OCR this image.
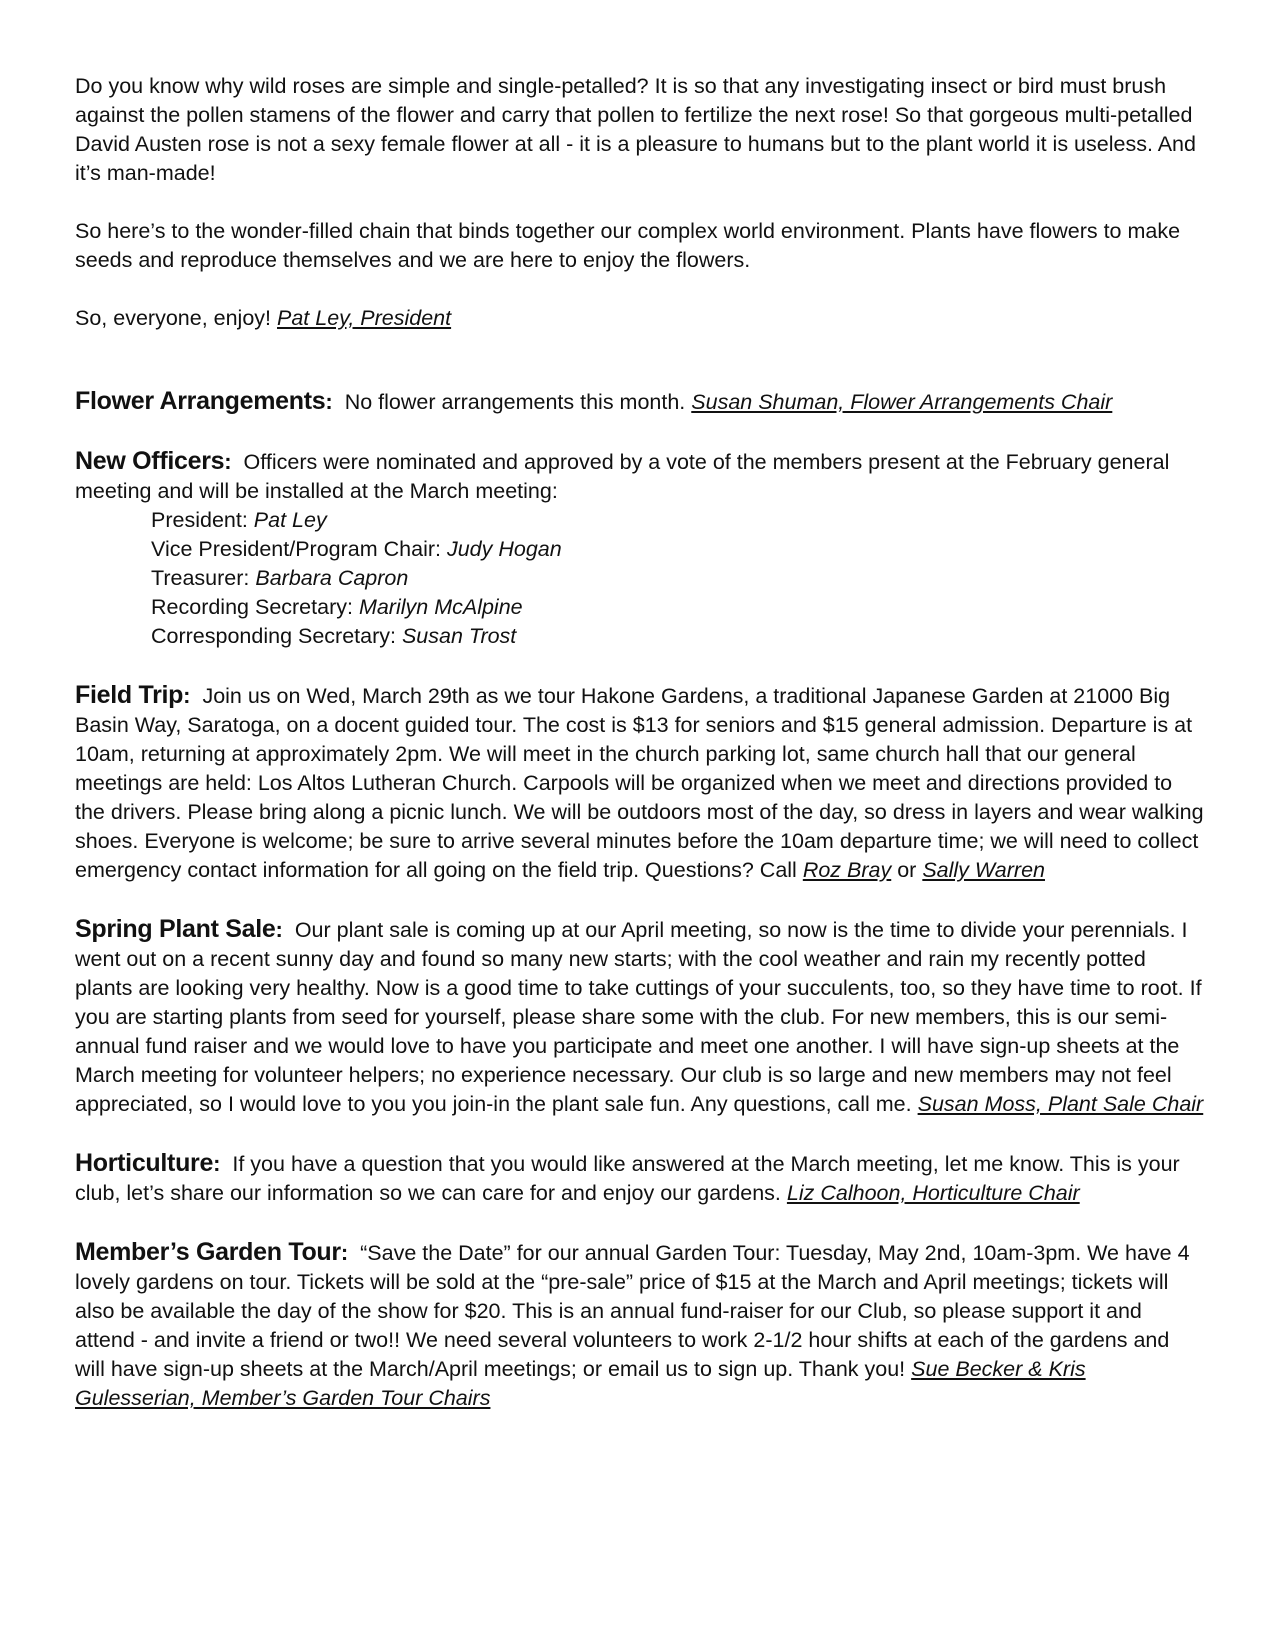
Do you know why wild roses are simple and single-petalled? It is so that any investigating insect or bird must brush against the pollen stamens of the flower and carry that pollen to fertilize the next rose! So that gorgeous multi-petalled David Austen rose is not a sexy female flower at all - it is a pleasure to humans but to the plant world it is useless. And it’s man-made!

So here’s to the wonder-filled chain that binds together our complex world environment. Plants have flowers to make seeds and reproduce themselves and we are here to enjoy the flowers.

So, everyone, enjoy! Pat Ley, President

Flower Arrangements: No flower arrangements this month. Susan Shuman, Flower Arrangements Chair

New Officers: Officers were nominated and approved by a vote of the members present at the February general meeting and will be installed at the March meeting:

President: Pat Ley
Vice President/Program Chair: Judy Hogan
Treasurer: Barbara Capron
Recording Secretary: Marilyn McAlpine
Corresponding Secretary: Susan Trost

Field Trip: Join us on Wed, March 29th as we tour Hakone Gardens, a traditional Japanese Garden at 21000 Big Basin Way, Saratoga, on a docent guided tour. The cost is $13 for seniors and $15 general admission. Departure is at 10am, returning at approximately 2pm. We will meet in the church parking lot, same church hall that our general meetings are held: Los Altos Lutheran Church. Carpools will be organized when we meet and directions provided to the drivers. Please bring along a picnic lunch. We will be outdoors most of the day, so dress in layers and wear walking shoes. Everyone is welcome; be sure to arrive several minutes before the 10am departure time; we will need to collect emergency contact information for all going on the field trip. Questions? Call Roz Bray or Sally Warren

Spring Plant Sale: Our plant sale is coming up at our April meeting, so now is the time to divide your perennials. I went out on a recent sunny day and found so many new starts; with the cool weather and rain my recently potted plants are looking very healthy. Now is a good time to take cuttings of your succulents, too, so they have time to root. If you are starting plants from seed for yourself, please share some with the club. For new members, this is our semi-annual fund raiser and we would love to have you participate and meet one another. I will have sign-up sheets at the March meeting for volunteer helpers; no experience necessary. Our club is so large and new members may not feel appreciated, so I would love to you you join-in the plant sale fun. Any questions, call me. Susan Moss, Plant Sale Chair

Horticulture: If you have a question that you would like answered at the March meeting, let me know. This is your club, let’s share our information so we can care for and enjoy our gardens. Liz Calhoon, Horticulture Chair

Member’s Garden Tour: “Save the Date” for our annual Garden Tour: Tuesday, May 2nd, 10am-3pm. We have 4 lovely gardens on tour. Tickets will be sold at the “pre-sale” price of $15 at the March and April meetings; tickets will also be available the day of the show for $20. This is an annual fund-raiser for our Club, so please support it and attend - and invite a friend or two!! We need several volunteers to work 2-1/2 hour shifts at each of the gardens and will have sign-up sheets at the March/April meetings; or email us to sign up. Thank you! Sue Becker & Kris Gulesserian, Member’s Garden Tour Chairs
